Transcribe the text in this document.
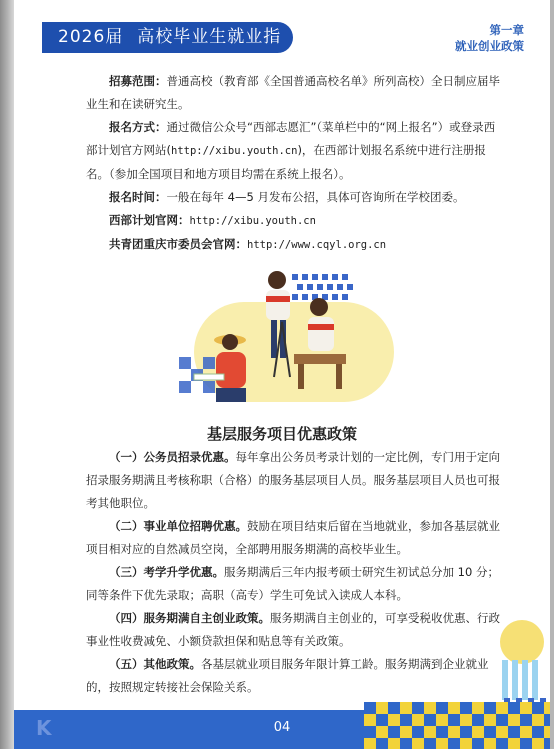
2026届 高校毕业生就业指南
第一章
就业创业政策

招募范围：普通高校（教育部《全国普通高校名单》所列高校）全日制应届毕业生和在读研究生。

报名方式：通过微信公众号“西部志愿汇”（菜单栏中的“网上报名”）或登录西部计划官方网站(http://xibu.youth.cn)，在西部计划报名系统中进行注册报名。（参加全国项目和地方项目均需在系统上报名）。

报名时间：一般在每年 4—5 月发布公招，具体可咨询所在学校团委。

西部计划官网：http://xibu.youth.cn

共青团重庆市委员会官网：http://www.cqyl.org.cn

基层服务项目优惠政策

（一）公务员招录优惠。每年拿出公务员考录计划的一定比例，专门用于定向招录服务期满且考核称职（合格）的服务基层项目人员。服务基层项目人员也可报考其他职位。

（二）事业单位招聘优惠。鼓励在项目结束后留在当地就业，参加各基层就业项目相对应的自然减员空岗，全部聘用服务期满的高校毕业生。

（三）考学升学优惠。服务期满后三年内报考硕士研究生初试总分加 10 分；同等条件下优先录取；高职（高专）学生可免试入读成人本科。

（四）服务期满自主创业政策。服务期满自主创业的，可享受税收优惠、行政事业性收费减免、小额贷款担保和贴息等有关政策。

（五）其他政策。各基层就业项目服务年限计算工龄。服务期满到企业就业的，按照规定转接社会保险关系。

K	04
